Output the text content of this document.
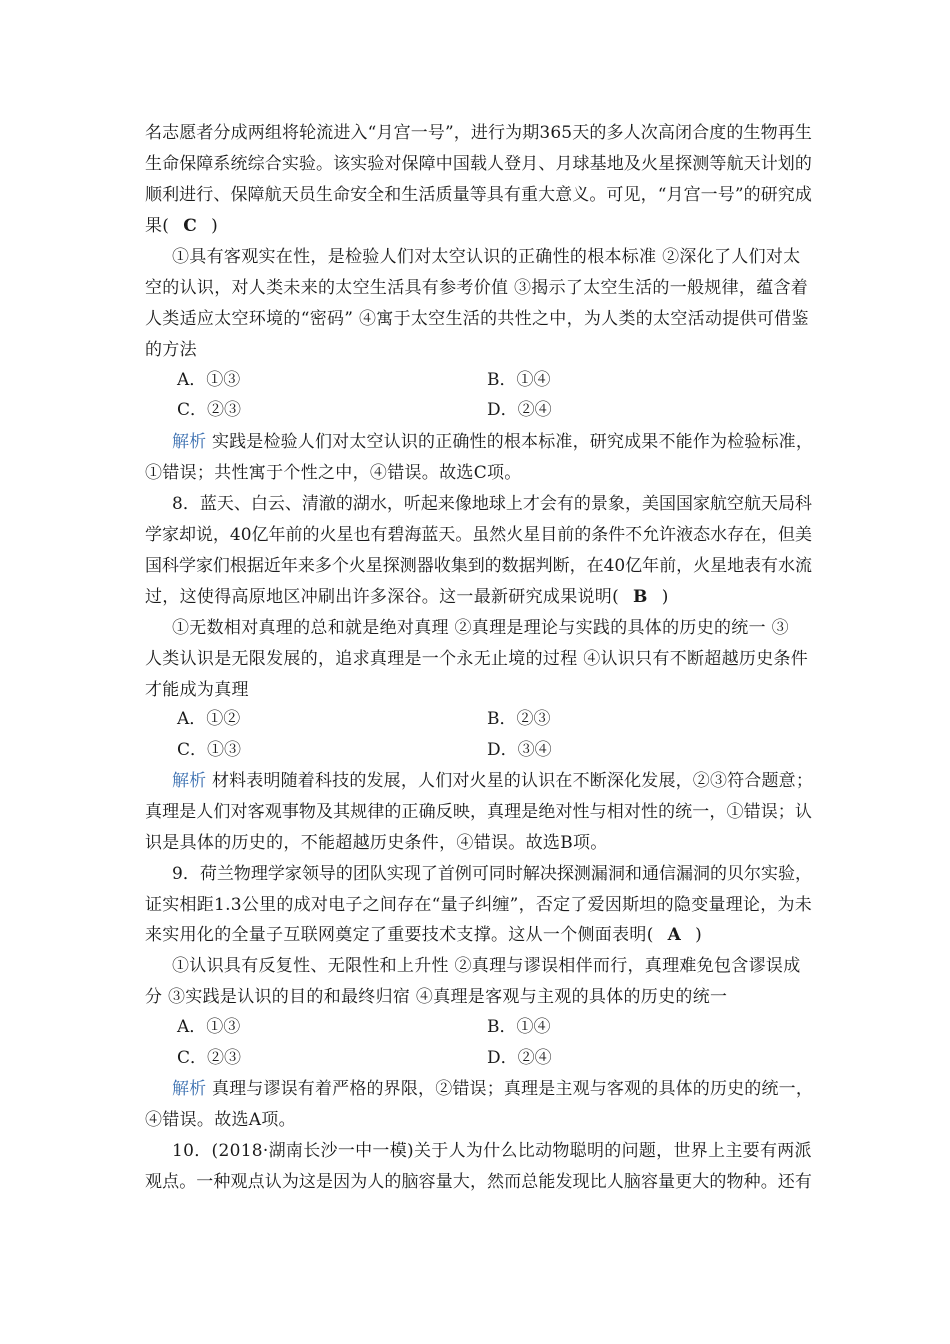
名志愿者分成两组将轮流进入“月宫一号”，进行为期365天的多人次高闭合度的生物再生
生命保障系统综合实验。该实验对保障中国载人登月、月球基地及火星探测等航天计划的
顺利进行、保障航天员生命安全和生活质量等具有重大意义。可见，“月宫一号”的研究成
果( C )
①具有客观实在性，是检验人们对太空认识的正确性的根本标准 ②深化了人们对太
空的认识，对人类未来的太空生活具有参考价值 ③揭示了太空生活的一般规律，蕴含着
人类适应太空环境的“密码” ④寓于太空生活的共性之中，为人类的太空活动提供可借鉴
的方法
A．①③	B．①④
C．②③	D．②④
解析 实践是检验人们对太空认识的正确性的根本标准，研究成果不能作为检验标准，
①错误；共性寓于个性之中，④错误。故选C项。
8．蓝天、白云、清澈的湖水，听起来像地球上才会有的景象，美国国家航空航天局科
学家却说，40亿年前的火星也有碧海蓝天。虽然火星目前的条件不允许液态水存在，但美
国科学家们根据近年来多个火星探测器收集到的数据判断，在40亿年前，火星地表有水流
过，这使得高原地区冲刷出许多深谷。这一最新研究成果说明( B )
①无数相对真理的总和就是绝对真理 ②真理是理论与实践的具体的历史的统一 ③
人类认识是无限发展的，追求真理是一个永无止境的过程 ④认识只有不断超越历史条件
才能成为真理
A．①②	B．②③
C．①③	D．③④
解析 材料表明随着科技的发展，人们对火星的认识在不断深化发展，②③符合题意；
真理是人们对客观事物及其规律的正确反映，真理是绝对性与相对性的统一，①错误；认
识是具体的历史的，不能超越历史条件，④错误。故选B项。
9．荷兰物理学家领导的团队实现了首例可同时解决探测漏洞和通信漏洞的贝尔实验，
证实相距1.3公里的成对电子之间存在“量子纠缠”，否定了爱因斯坦的隐变量理论，为未
来实用化的全量子互联网奠定了重要技术支撑。这从一个侧面表明( A )
①认识具有反复性、无限性和上升性 ②真理与谬误相伴而行，真理难免包含谬误成
分 ③实践是认识的目的和最终归宿 ④真理是客观与主观的具体的历史的统一
A．①③	B．①④
C．②③	D．②④
解析 真理与谬误有着严格的界限，②错误；真理是主观与客观的具体的历史的统一，
④错误。故选A项。
10．(2018·湖南长沙一中一模)关于人为什么比动物聪明的问题，世界上主要有两派
观点。一种观点认为这是因为人的脑容量大，然而总能发现比人脑容量更大的物种。还有
